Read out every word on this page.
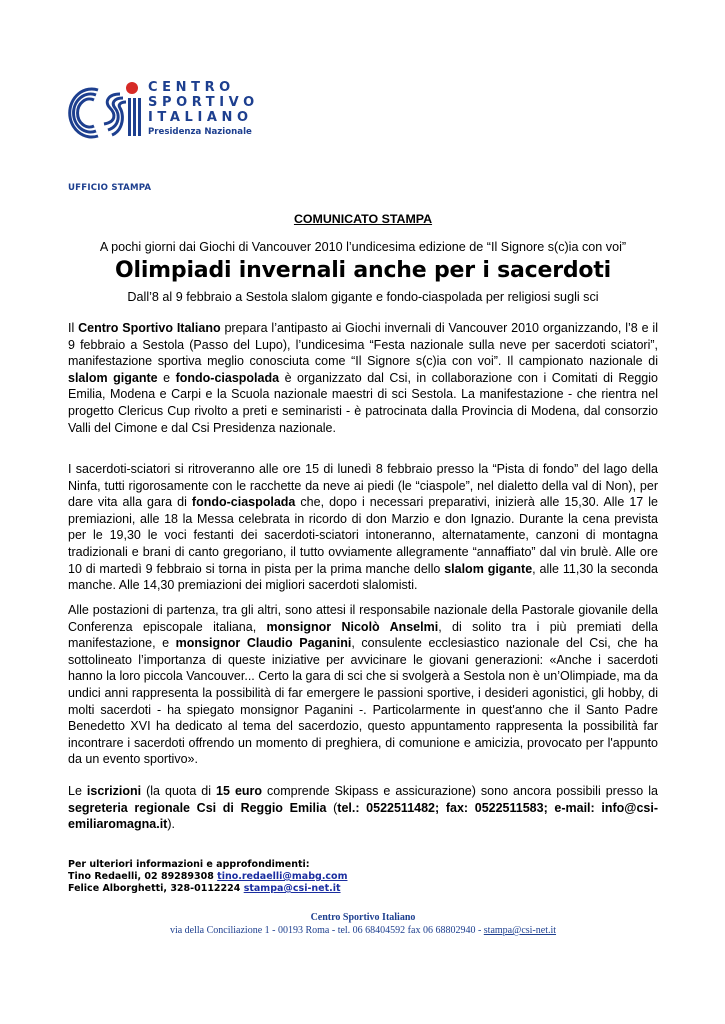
CENTRO
SPORTIVO
ITALIANO
Presidenza Nazionale
UFFICIO STAMPA
COMUNICATO STAMPA
A pochi giorni dai Giochi di Vancouver 2010 l’undicesima edizione de “Il Signore s(c)ia con voi”
Olimpiadi invernali anche per i sacerdoti
Dall’8 al 9 febbraio a Sestola slalom gigante e fondo-ciaspolada per religiosi sugli sci

Il Centro Sportivo Italiano prepara l’antipasto ai Giochi invernali di Vancouver 2010 organizzando, l’8 e il 9 febbraio a Sestola (Passo del Lupo), l’undicesima “Festa nazionale sulla neve per sacerdoti sciatori”, manifestazione sportiva meglio conosciuta come “Il Signore s(c)ia con voi”. Il campionato nazionale di slalom gigante e fondo-ciaspolada è organizzato dal Csi, in collaborazione con i Comitati di Reggio Emilia, Modena e Carpi e la Scuola nazionale maestri di sci Sestola. La manifestazione - che rientra nel progetto Clericus Cup rivolto a preti e seminaristi - è patrocinata dalla Provincia di Modena, dal consorzio Valli del Cimone e dal Csi Presidenza nazionale.

I sacerdoti-sciatori si ritroveranno alle ore 15 di lunedì 8 febbraio presso la “Pista di fondo” del lago della Ninfa, tutti rigorosamente con le racchette da neve ai piedi (le “ciaspole”, nel dialetto della val di Non), per dare vita alla gara di fondo-ciaspolada che, dopo i necessari preparativi, inizierà alle 15,30. Alle 17 le premiazioni, alle 18 la Messa celebrata in ricordo di don Marzio e don Ignazio. Durante la cena prevista per le 19,30 le voci festanti dei sacerdoti-sciatori intoneranno, alternatamente, canzoni di montagna tradizionali e brani di canto gregoriano, il tutto ovviamente allegramente “annaffiato” dal vin brulè. Alle ore 10 di martedì 9 febbraio si torna in pista per la prima manche dello slalom gigante, alle 11,30 la seconda manche. Alle 14,30 premiazioni dei migliori sacerdoti slalomisti.

Alle postazioni di partenza, tra gli altri, sono attesi il responsabile nazionale della Pastorale giovanile della Conferenza episcopale italiana, monsignor Nicolò Anselmi, di solito tra i più premiati della manifestazione, e monsignor Claudio Paganini, consulente ecclesiastico nazionale del Csi, che ha sottolineato l’importanza di queste iniziative per avvicinare le giovani generazioni: «Anche i sacerdoti hanno la loro piccola Vancouver... Certo la gara di sci che si svolgerà a Sestola non è un’Olimpiade, ma da undici anni rappresenta la possibilità di far emergere le passioni sportive, i desideri agonistici, gli hobby, di molti sacerdoti - ha spiegato monsignor Paganini -. Particolarmente in quest'anno che il Santo Padre Benedetto XVI ha dedicato al tema del sacerdozio, questo appuntamento rappresenta la possibilità far incontrare i sacerdoti offrendo un momento di preghiera, di comunione e amicizia, provocato per l'appunto da un evento sportivo».

Le iscrizioni (la quota di 15 euro comprende Skipass e assicurazione) sono ancora possibili presso la segreteria regionale Csi di Reggio Emilia (tel.: 0522511482; fax: 0522511583; e-mail: info@csi-emiliaromagna.it).

Per ulteriori informazioni e approfondimenti:
Tino Redaelli, 02 89289308 tino.redaelli@mabg.com
Felice Alborghetti, 328-0112224 stampa@csi-net.it
Centro Sportivo Italiano
via della Conciliazione 1 - 00193 Roma - tel. 06 68404592 fax 06 68802940 - stampa@csi-net.it
